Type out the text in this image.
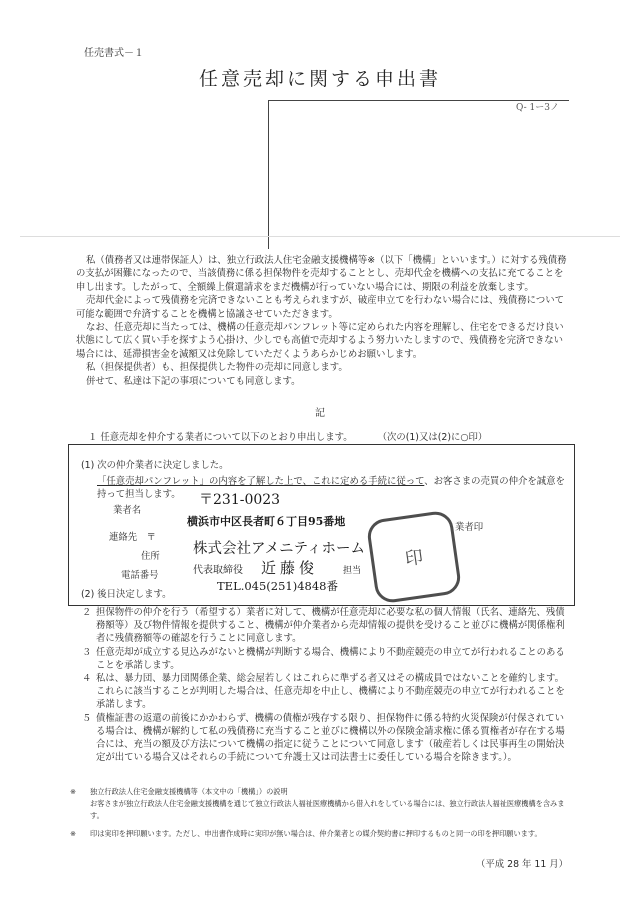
任売書式－１
任意売却に関する申出書
Q- 1ー3ノ

私（債務者又は連帯保証人）は、独立行政法人住宅金融支援機構等※（以下「機構」といいます。）に対する残債務の支払が困難になったので、当該債務に係る担保物件を売却することとし、売却代金を機構への支払に充てることを申し出ます。したがって、全額繰上償還請求をまだ機構が行っていない場合には、期限の利益を放棄します。

売却代金によって残債務を完済できないことも考えられますが、破産申立てを行わない場合には、残債務について可能な範囲で弁済することを機構と協議させていただきます。

なお、任意売却に当たっては、機構の任意売却パンフレット等に定められた内容を理解し、住宅をできるだけ良い状態にして広く買い手を探すよう心掛け、少しでも高値で売却するよう努力いたしますので、残債務を完済できない場合には、延滞損害金を減額又は免除していただくようあらかじめお願いします。

私（担保提供者）も、担保提供した物件の売却に同意します。

併せて、私達は下記の事項についても同意します。

記
１ 任意売却を仲介する業者について以下のとおり申出します。	（次の(1)又は(2)に○印）
(1) 次の仲介業者に決定しました。
「任意売却パンフレット」の内容を了解した上で、これに定める手続に従って、お客さまの売買の仲介を誠意を持って担当します。
業者名
連絡先　〒
住所
電話番号
業者印
〒231-0023
横浜市中区長者町６丁目95番地
株式会社アメニティホーム
代表取締役 近藤俊	担当
TEL.045(251)4848番
印
(2) 後日決定します。
２ 担保物件の仲介を行う（希望する）業者に対して、機構が任意売却に必要な私の個人情報（氏名、連絡先、残債務額等）及び物件情報を提供すること、機構が仲介業者から売却情報の提供を受けること並びに機構が関係権利者に残債務額等の確認を行うことに同意します。
３ 任意売却が成立する見込みがないと機構が判断する場合、機構により不動産競売の申立てが行われることのあることを承諾します。
４ 私は、暴力団、暴力団関係企業、総会屋若しくはこれらに準ずる者又はその構成員ではないことを確約します。これらに該当することが判明した場合は、任意売却を中止し、機構により不動産競売の申立てが行われることを承諾します。
５ 債権証書の返還の前後にかかわらず、機構の債権が残存する限り、担保物件に係る特約火災保険が付保されている場合は、機構が解約して私の残債務に充当すること並びに機構以外の保険金請求権に係る質権者が存在する場合には、充当の額及び方法について機構の指定に従うことについて同意します（破産若しくは民事再生の開始決定が出ている場合又はそれらの手続について弁護士又は司法書士に委任している場合を除きます。）。
※ 独立行政法人住宅金融支援機構等（本文中の「機構」）の説明
お客さまが独立行政法人住宅金融支援機構を通じて独立行政法人福祉医療機構から借入れをしている場合には、独立行政法人福祉医療機構を含みます。
※ 印は実印を押印願います。ただし、申出書作成時に実印が無い場合は、仲介業者との媒介契約書に押印するものと同一の印を押印願います。
（平成 28 年 11 月）
